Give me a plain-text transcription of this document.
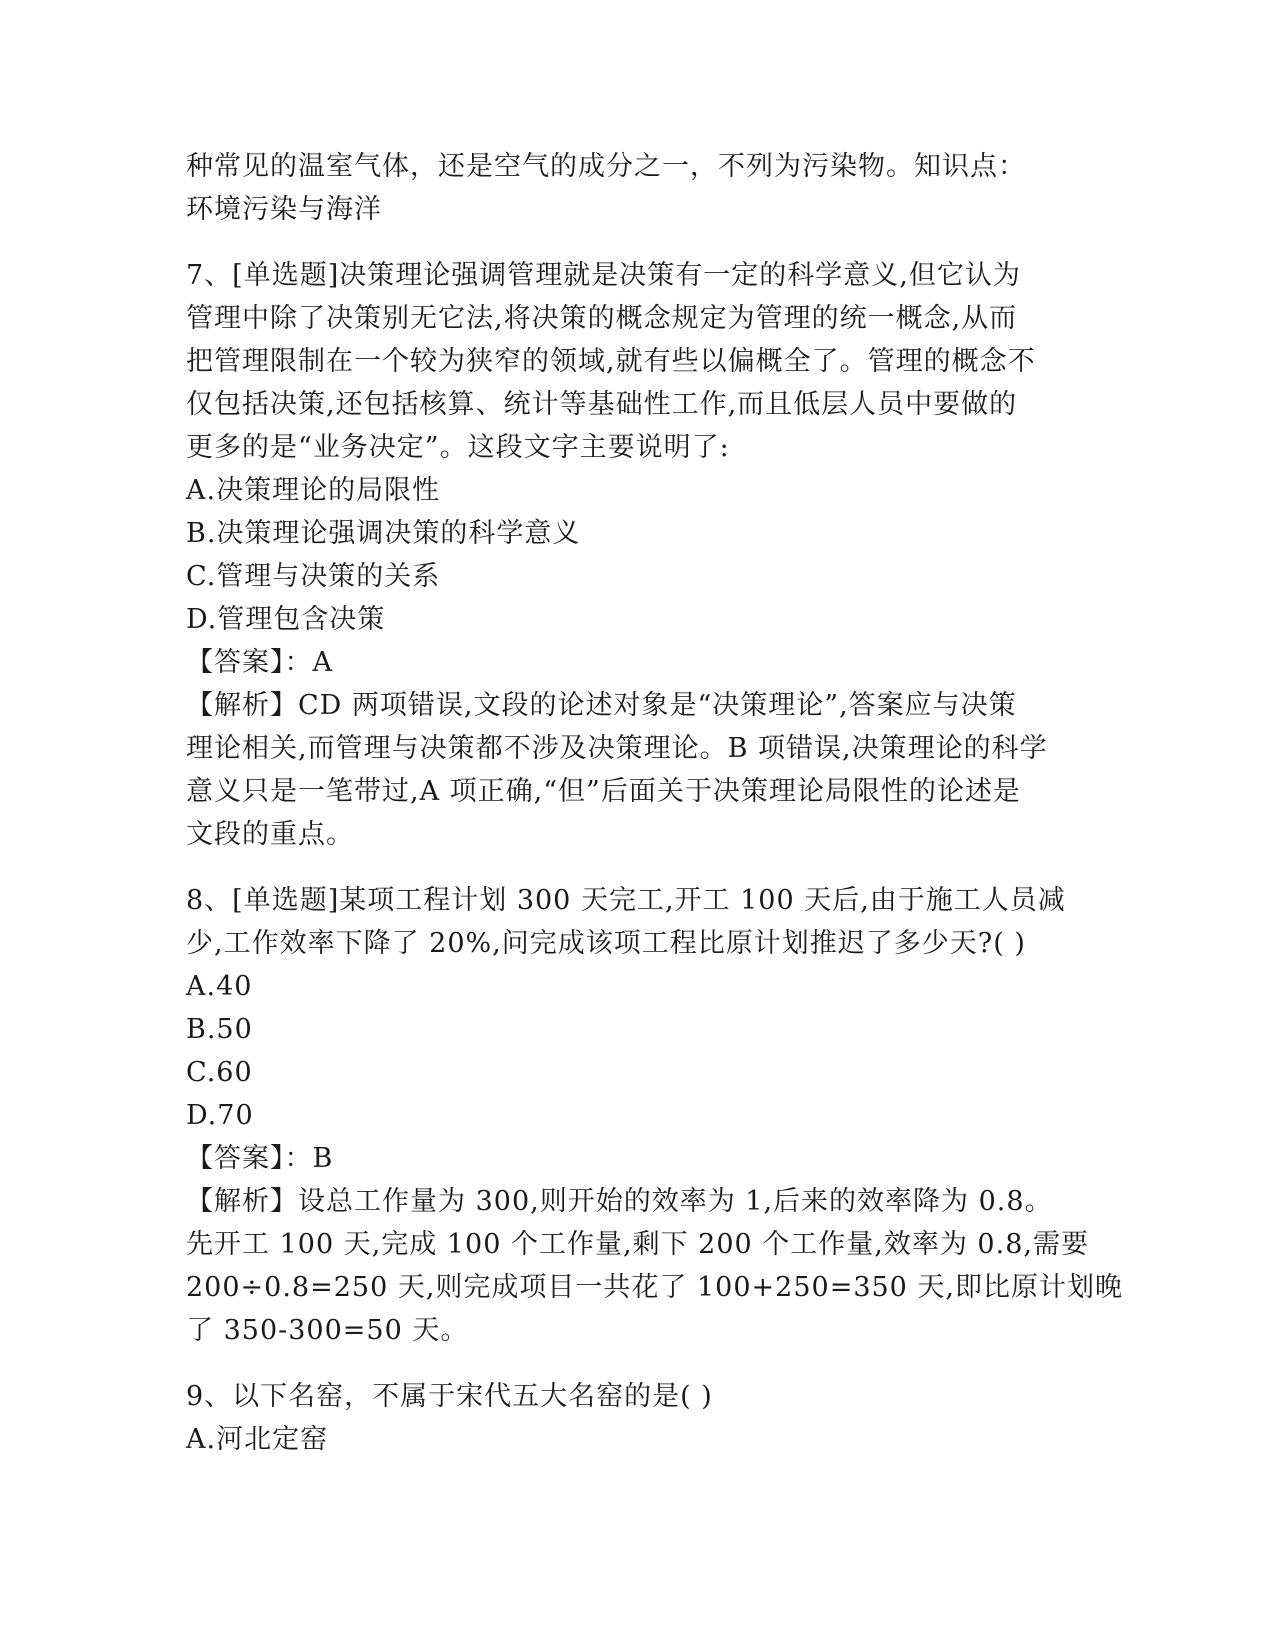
种常见的温室气体，还是空气的成分之一，不列为污染物。知识点：
环境污染与海洋
7、[单选题]决策理论强调管理就是决策有一定的科学意义,但它认为
管理中除了决策别无它法,将决策的概念规定为管理的统一概念,从而
把管理限制在一个较为狭窄的领域,就有些以偏概全了。管理的概念不
仅包括决策,还包括核算、统计等基础性工作,而且低层人员中要做的
更多的是“业务决定”。这段文字主要说明了:
A.决策理论的局限性
B.决策理论强调决策的科学意义
C.管理与决策的关系
D.管理包含决策
【答案】：A
【解析】CD 两项错误,文段的论述对象是“决策理论”,答案应与决策
理论相关,而管理与决策都不涉及决策理论。B 项错误,决策理论的科学
意义只是一笔带过,A 项正确,“但”后面关于决策理论局限性的论述是
文段的重点。
8、[单选题]某项工程计划 300 天完工,开工 100 天后,由于施工人员减
少,工作效率下降了 20%,问完成该项工程比原计划推迟了多少天?( )
A.40
B.50
C.60
D.70
【答案】：B
【解析】设总工作量为 300,则开始的效率为 1,后来的效率降为 0.8。
先开工 100 天,完成 100 个工作量,剩下 200 个工作量,效率为 0.8,需要
200÷0.8=250 天,则完成项目一共花了 100+250=350 天,即比原计划晚
了 350-300=50 天。
9、以下名窑，不属于宋代五大名窑的是( )
A.河北定窑
